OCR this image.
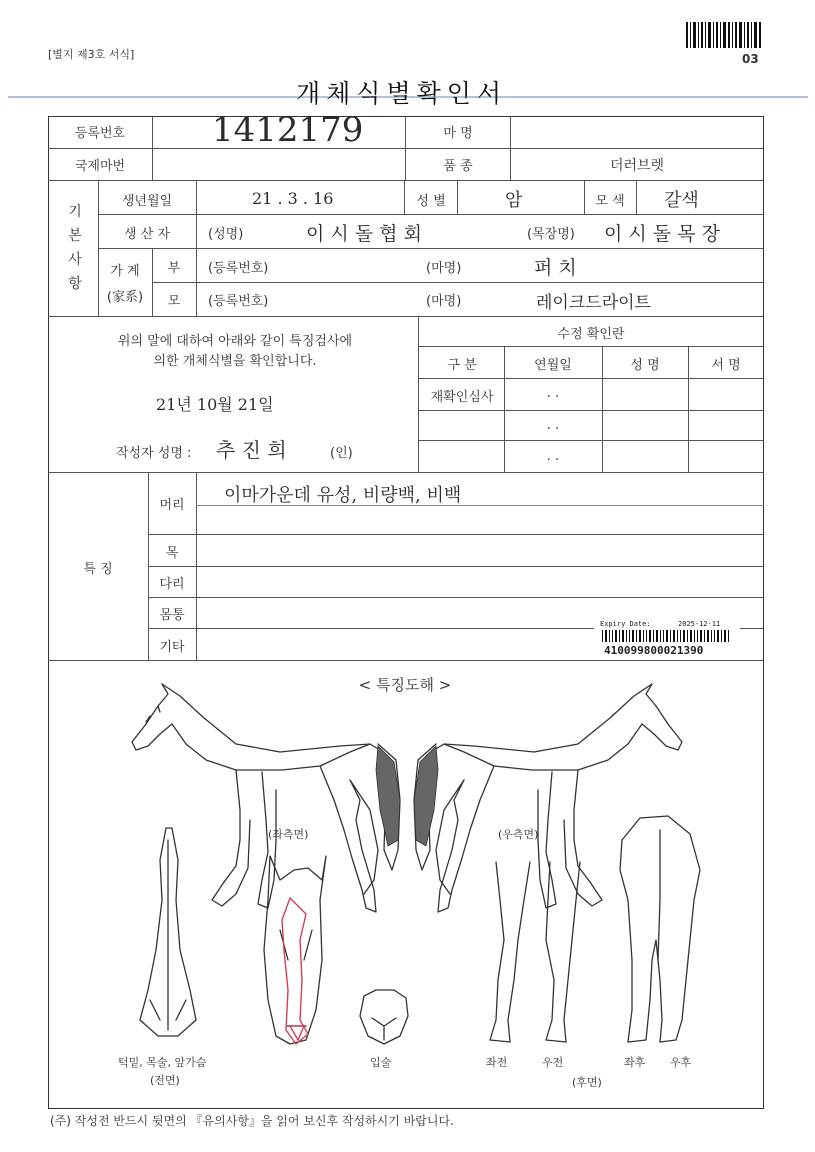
[별지 제3호 서식]	03
개체식별확인서
등록번호	1412179	마 명
국제마번	품 종	더러브렛
기본사항
생년월일	21 . 3 . 16	성 별	암	모 색	갈색
생 산 자	(성명)	이 시 돌 협 회	(목장명) 이 시 돌 목 장
가 계
(家系)
부	(등록번호)	(마명)	퍼 치
모	(등록번호)	(마명)	레이크드라이트
위의 말에 대하여 아래와 같이 특징검사에
의한 개체식별을 확인합니다.
21년 10월 21일
작성자 성명 : 추 진 희	(인)
수정 확인란
구 분	연월일	성 명	서 명
재확인심사	. .
. .
. .
특 징
머리	이마가운데 유성, 비량백, 비백
목
다리
몸통
기타
Expiry Date:	2025-12-11
410099800021390
< 특징도해 >
(좌측면)	(우측면)
턱밑, 목술, 앞가슴
(전면)
입술	좌전	우전	좌후 우후
(후면)
(주) 작성전 반드시 뒷면의 『유의사항』을 읽어 보신후 작성하시기 바랍니다.
